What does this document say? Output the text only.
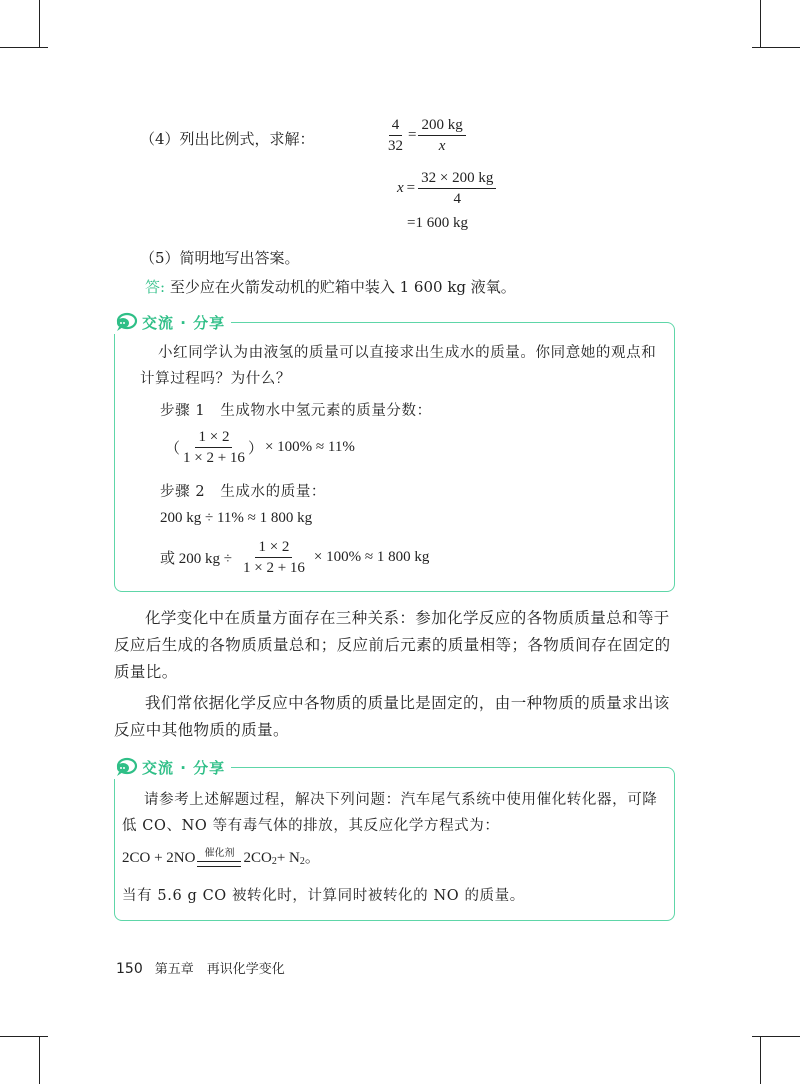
（4）列出比例式，求解：	$\frac{4}{32} = \frac{200 kg}{x}$
$x = \frac{32 \times 200 kg}{4}$
=1 600 kg
（5）简明地写出答案。
答: 至少应在火箭发动机的贮箱中装入 1 600 kg 液氧。
交流 · 分享
小红同学认为由液氢的质量可以直接求出生成水的质量。你同意她的观点和计算过程吗？为什么？
步骤 1　生成物水中氢元素的质量分数：
（ $\frac{1 \times 2}{1 \times 2 + 16}$ ） × 100% ≈ 11%
步骤 2　生成水的质量：
200 kg ÷ 11% ≈ 1 800 kg
或 200 kg ÷ $\frac{1 \times 2}{1 \times 2 + 16} \times 100\% \approx 1$ 800 kg
化学变化中在质量方面存在三种关系：参加化学反应的各物质质量总和等于反应后生成的各物质质量总和；反应前后元素的质量相等；各物质间存在固定的质量比。
我们常依据化学反应中各物质的质量比是固定的，由一种物质的质量求出该反应中其他物质的质量。
交流 · 分享
请参考上述解题过程，解决下列问题：汽车尾气系统中使用催化转化器，可降低 CO、NO 等有毒气体的排放，其反应化学方程式为：
2CO + 2NO 催化剂 $2CO_2 + N_2$ 。
当有 5.6 g CO 被转化时，计算同时被转化的 NO 的质量。
150 第五章　再识化学变化
